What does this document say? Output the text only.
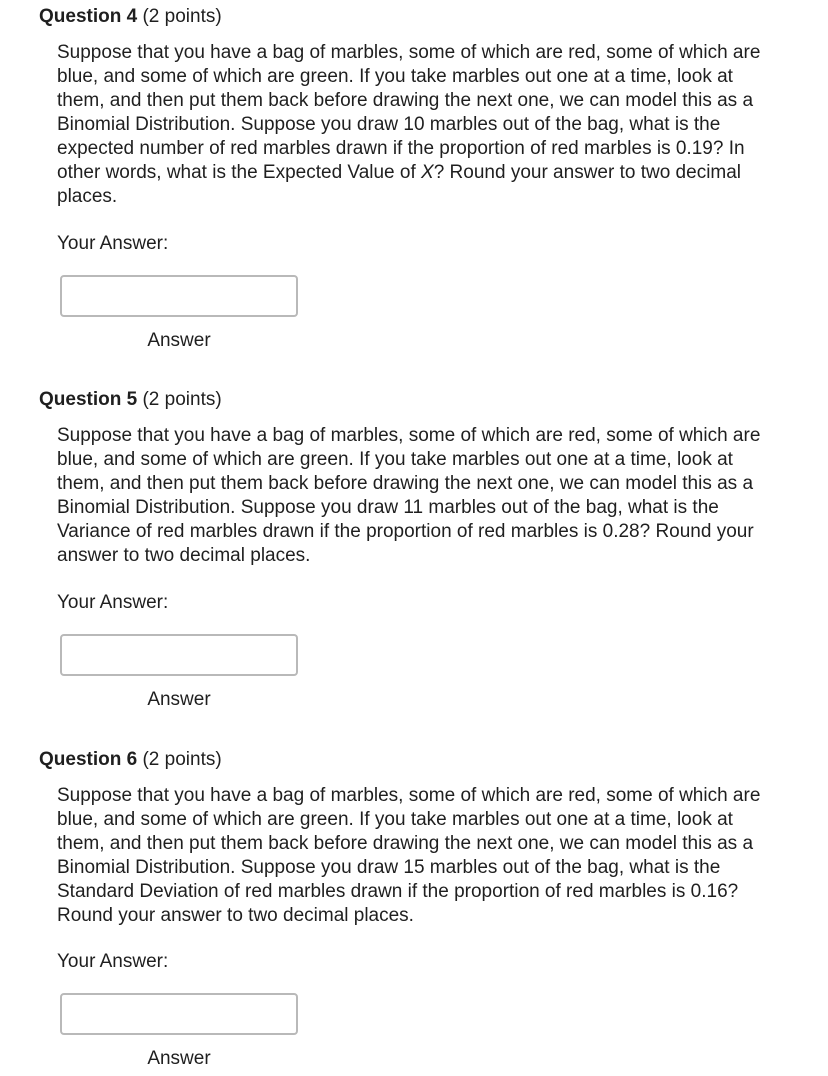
Question 4 (2 points)

Suppose that you have a bag of marbles, some of which are red, some of which are blue, and some of which are green. If you take marbles out one at a time, look at them, and then put them back before drawing the next one, we can model this as a Binomial Distribution. Suppose you draw 10 marbles out of the bag, what is the expected number of red marbles drawn if the proportion of red marbles is 0.19? In other words, what is the Expected Value of X? Round your answer to two decimal places.

Your Answer:
Answer
Question 5 (2 points)

Suppose that you have a bag of marbles, some of which are red, some of which are blue, and some of which are green. If you take marbles out one at a time, look at them, and then put them back before drawing the next one, we can model this as a Binomial Distribution. Suppose you draw 11 marbles out of the bag, what is the Variance of red marbles drawn if the proportion of red marbles is 0.28? Round your answer to two decimal places.

Your Answer:
Answer
Question 6 (2 points)

Suppose that you have a bag of marbles, some of which are red, some of which are blue, and some of which are green. If you take marbles out one at a time, look at them, and then put them back before drawing the next one, we can model this as a Binomial Distribution. Suppose you draw 15 marbles out of the bag, what is the Standard Deviation of red marbles drawn if the proportion of red marbles is 0.16? Round your answer to two decimal places.

Your Answer:
Answer
